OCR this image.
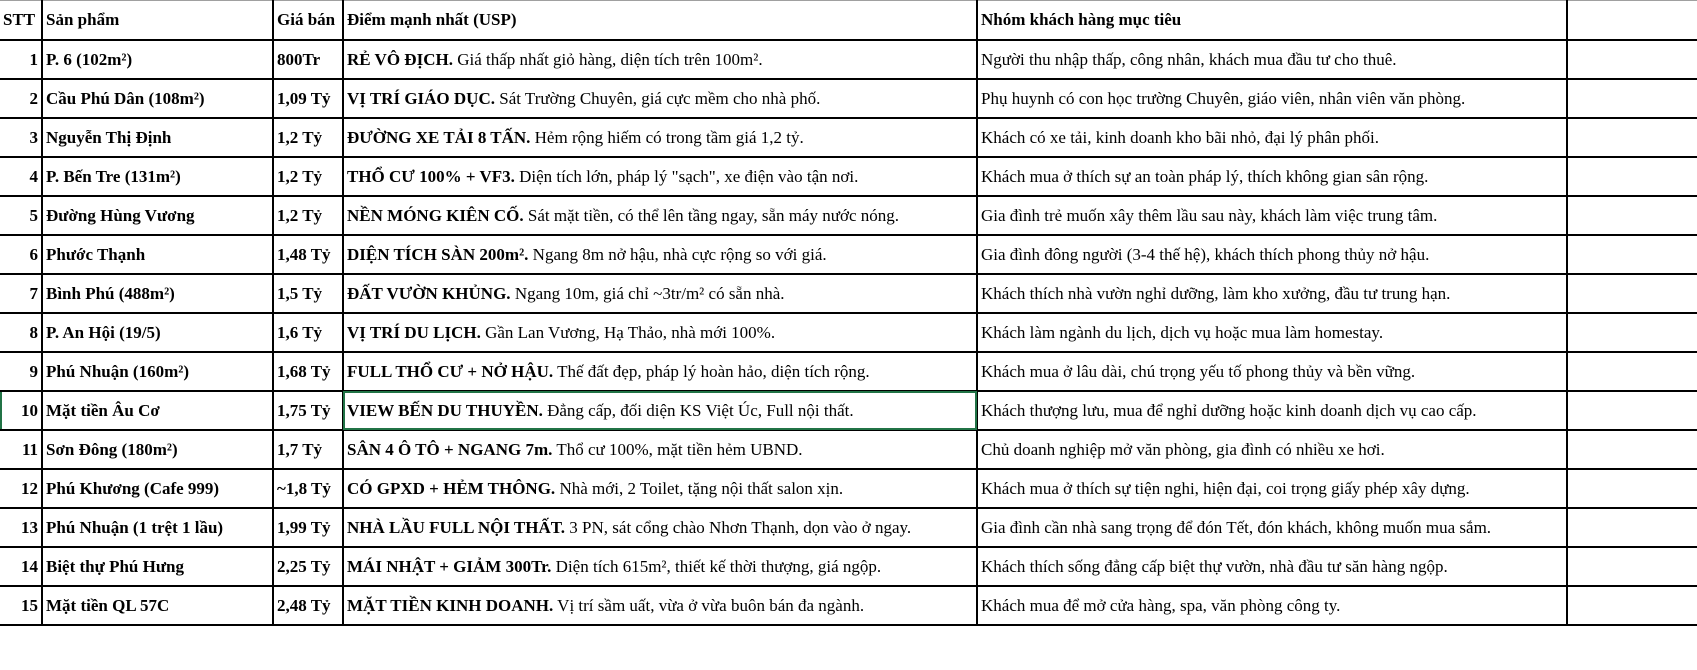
STT	Sản phẩm	Giá bán	Điểm mạnh nhất (USP)	Nhóm khách hàng mục tiêu	
1	P. 6 (102m²)	800Tr	RẺ VÔ ĐỊCH. Giá thấp nhất giỏ hàng, diện tích trên 100m².	Người thu nhập thấp, công nhân, khách mua đầu tư cho thuê.	
2	Cầu Phú Dân (108m²)	1,09 Tỷ	VỊ TRÍ GIÁO DỤC. Sát Trường Chuyên, giá cực mềm cho nhà phố.	Phụ huynh có con học trường Chuyên, giáo viên, nhân viên văn phòng.	
3	Nguyễn Thị Định	1,2 Tỷ	ĐƯỜNG XE TẢI 8 TẤN. Hẻm rộng hiếm có trong tầm giá 1,2 tỷ.	Khách có xe tải, kinh doanh kho bãi nhỏ, đại lý phân phối.	
4	P. Bến Tre (131m²)	1,2 Tỷ	THỔ CƯ 100% + VF3. Diện tích lớn, pháp lý "sạch", xe điện vào tận nơi.	Khách mua ở thích sự an toàn pháp lý, thích không gian sân rộng.	
5	Đường Hùng Vương	1,2 Tỷ	NỀN MÓNG KIÊN CỐ. Sát mặt tiền, có thể lên tầng ngay, sẵn máy nước nóng.	Gia đình trẻ muốn xây thêm lầu sau này, khách làm việc trung tâm.	
6	Phước Thạnh	1,48 Tỷ	DIỆN TÍCH SÀN 200m². Ngang 8m nở hậu, nhà cực rộng so với giá.	Gia đình đông người (3-4 thế hệ), khách thích phong thủy nở hậu.	
7	Bình Phú (488m²)	1,5 Tỷ	ĐẤT VƯỜN KHỦNG. Ngang 10m, giá chỉ ~3tr/m² có sẵn nhà.	Khách thích nhà vườn nghỉ dưỡng, làm kho xưởng, đầu tư trung hạn.	
8	P. An Hội (19/5)	1,6 Tỷ	VỊ TRÍ DU LỊCH. Gần Lan Vương, Hạ Thảo, nhà mới 100%.	Khách làm ngành du lịch, dịch vụ hoặc mua làm homestay.	
9	Phú Nhuận (160m²)	1,68 Tỷ	FULL THỔ CƯ + NỞ HẬU. Thế đất đẹp, pháp lý hoàn hảo, diện tích rộng.	Khách mua ở lâu dài, chú trọng yếu tố phong thủy và bền vững.	
10	Mặt tiền Âu Cơ	1,75 Tỷ	VIEW BẾN DU THUYỀN. Đẳng cấp, đối diện KS Việt Úc, Full nội thất.	Khách thượng lưu, mua để nghỉ dưỡng hoặc kinh doanh dịch vụ cao cấp.	
11	Sơn Đông (180m²)	1,7 Tỷ	SÂN 4 Ô TÔ + NGANG 7m. Thổ cư 100%, mặt tiền hẻm UBND.	Chủ doanh nghiệp mở văn phòng, gia đình có nhiều xe hơi.	
12	Phú Khương (Cafe 999)	~1,8 Tỷ	CÓ GPXD + HẺM THÔNG. Nhà mới, 2 Toilet, tặng nội thất salon xịn.	Khách mua ở thích sự tiện nghi, hiện đại, coi trọng giấy phép xây dựng.	
13	Phú Nhuận (1 trệt 1 lầu)	1,99 Tỷ	NHÀ LẦU FULL NỘI THẤT. 3 PN, sát cổng chào Nhơn Thạnh, dọn vào ở ngay.	Gia đình cần nhà sang trọng để đón Tết, đón khách, không muốn mua sắm.	
14	Biệt thự Phú Hưng	2,25 Tỷ	MÁI NHẬT + GIẢM 300Tr. Diện tích 615m², thiết kế thời thượng, giá ngộp.	Khách thích sống đẳng cấp biệt thự vườn, nhà đầu tư săn hàng ngộp.	
15	Mặt tiền QL 57C	2,48 Tỷ	MẶT TIỀN KINH DOANH. Vị trí sầm uất, vừa ở vừa buôn bán đa ngành.	Khách mua để mở cửa hàng, spa, văn phòng công ty.	
